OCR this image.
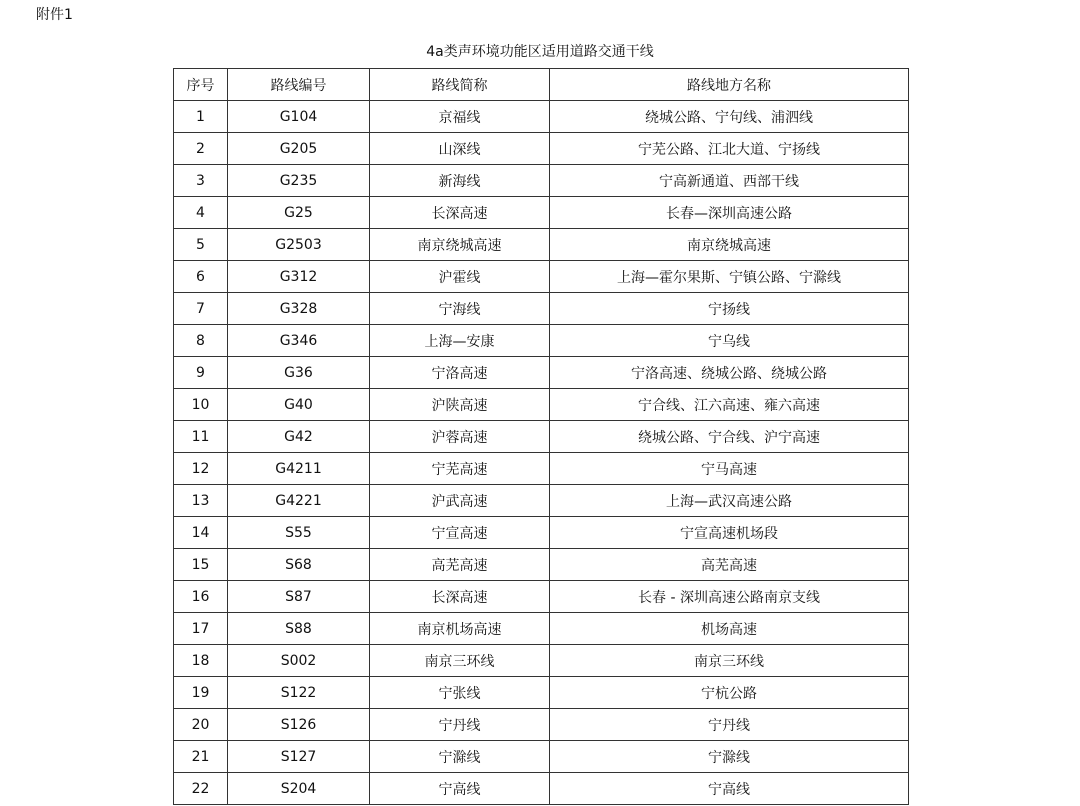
附件1
4a类声环境功能区适用道路交通干线
序号	路线编号	路线简称	路线地方名称
1	G104	京福线	绕城公路、宁句线、浦泗线
2	G205	山深线	宁芜公路、江北大道、宁扬线
3	G235	新海线	宁高新通道、西部干线
4	G25	长深高速	长春—深圳高速公路
5	G2503	南京绕城高速	南京绕城高速
6	G312	沪霍线	上海—霍尔果斯、宁镇公路、宁滁线
7	G328	宁海线	宁扬线
8	G346	上海—安康	宁乌线
9	G36	宁洛高速	宁洛高速、绕城公路、绕城公路
10	G40	沪陕高速	宁合线、江六高速、雍六高速
11	G42	沪蓉高速	绕城公路、宁合线、沪宁高速
12	G4211	宁芜高速	宁马高速
13	G4221	沪武高速	上海—武汉高速公路
14	S55	宁宣高速	宁宣高速机场段
15	S68	高芜高速	高芜高速
16	S87	长深高速	长春 - 深圳高速公路南京支线
17	S88	南京机场高速	机场高速
18	S002	南京三环线	南京三环线
19	S122	宁张线	宁杭公路
20	S126	宁丹线	宁丹线
21	S127	宁滁线	宁滁线
22	S204	宁高线	宁高线
